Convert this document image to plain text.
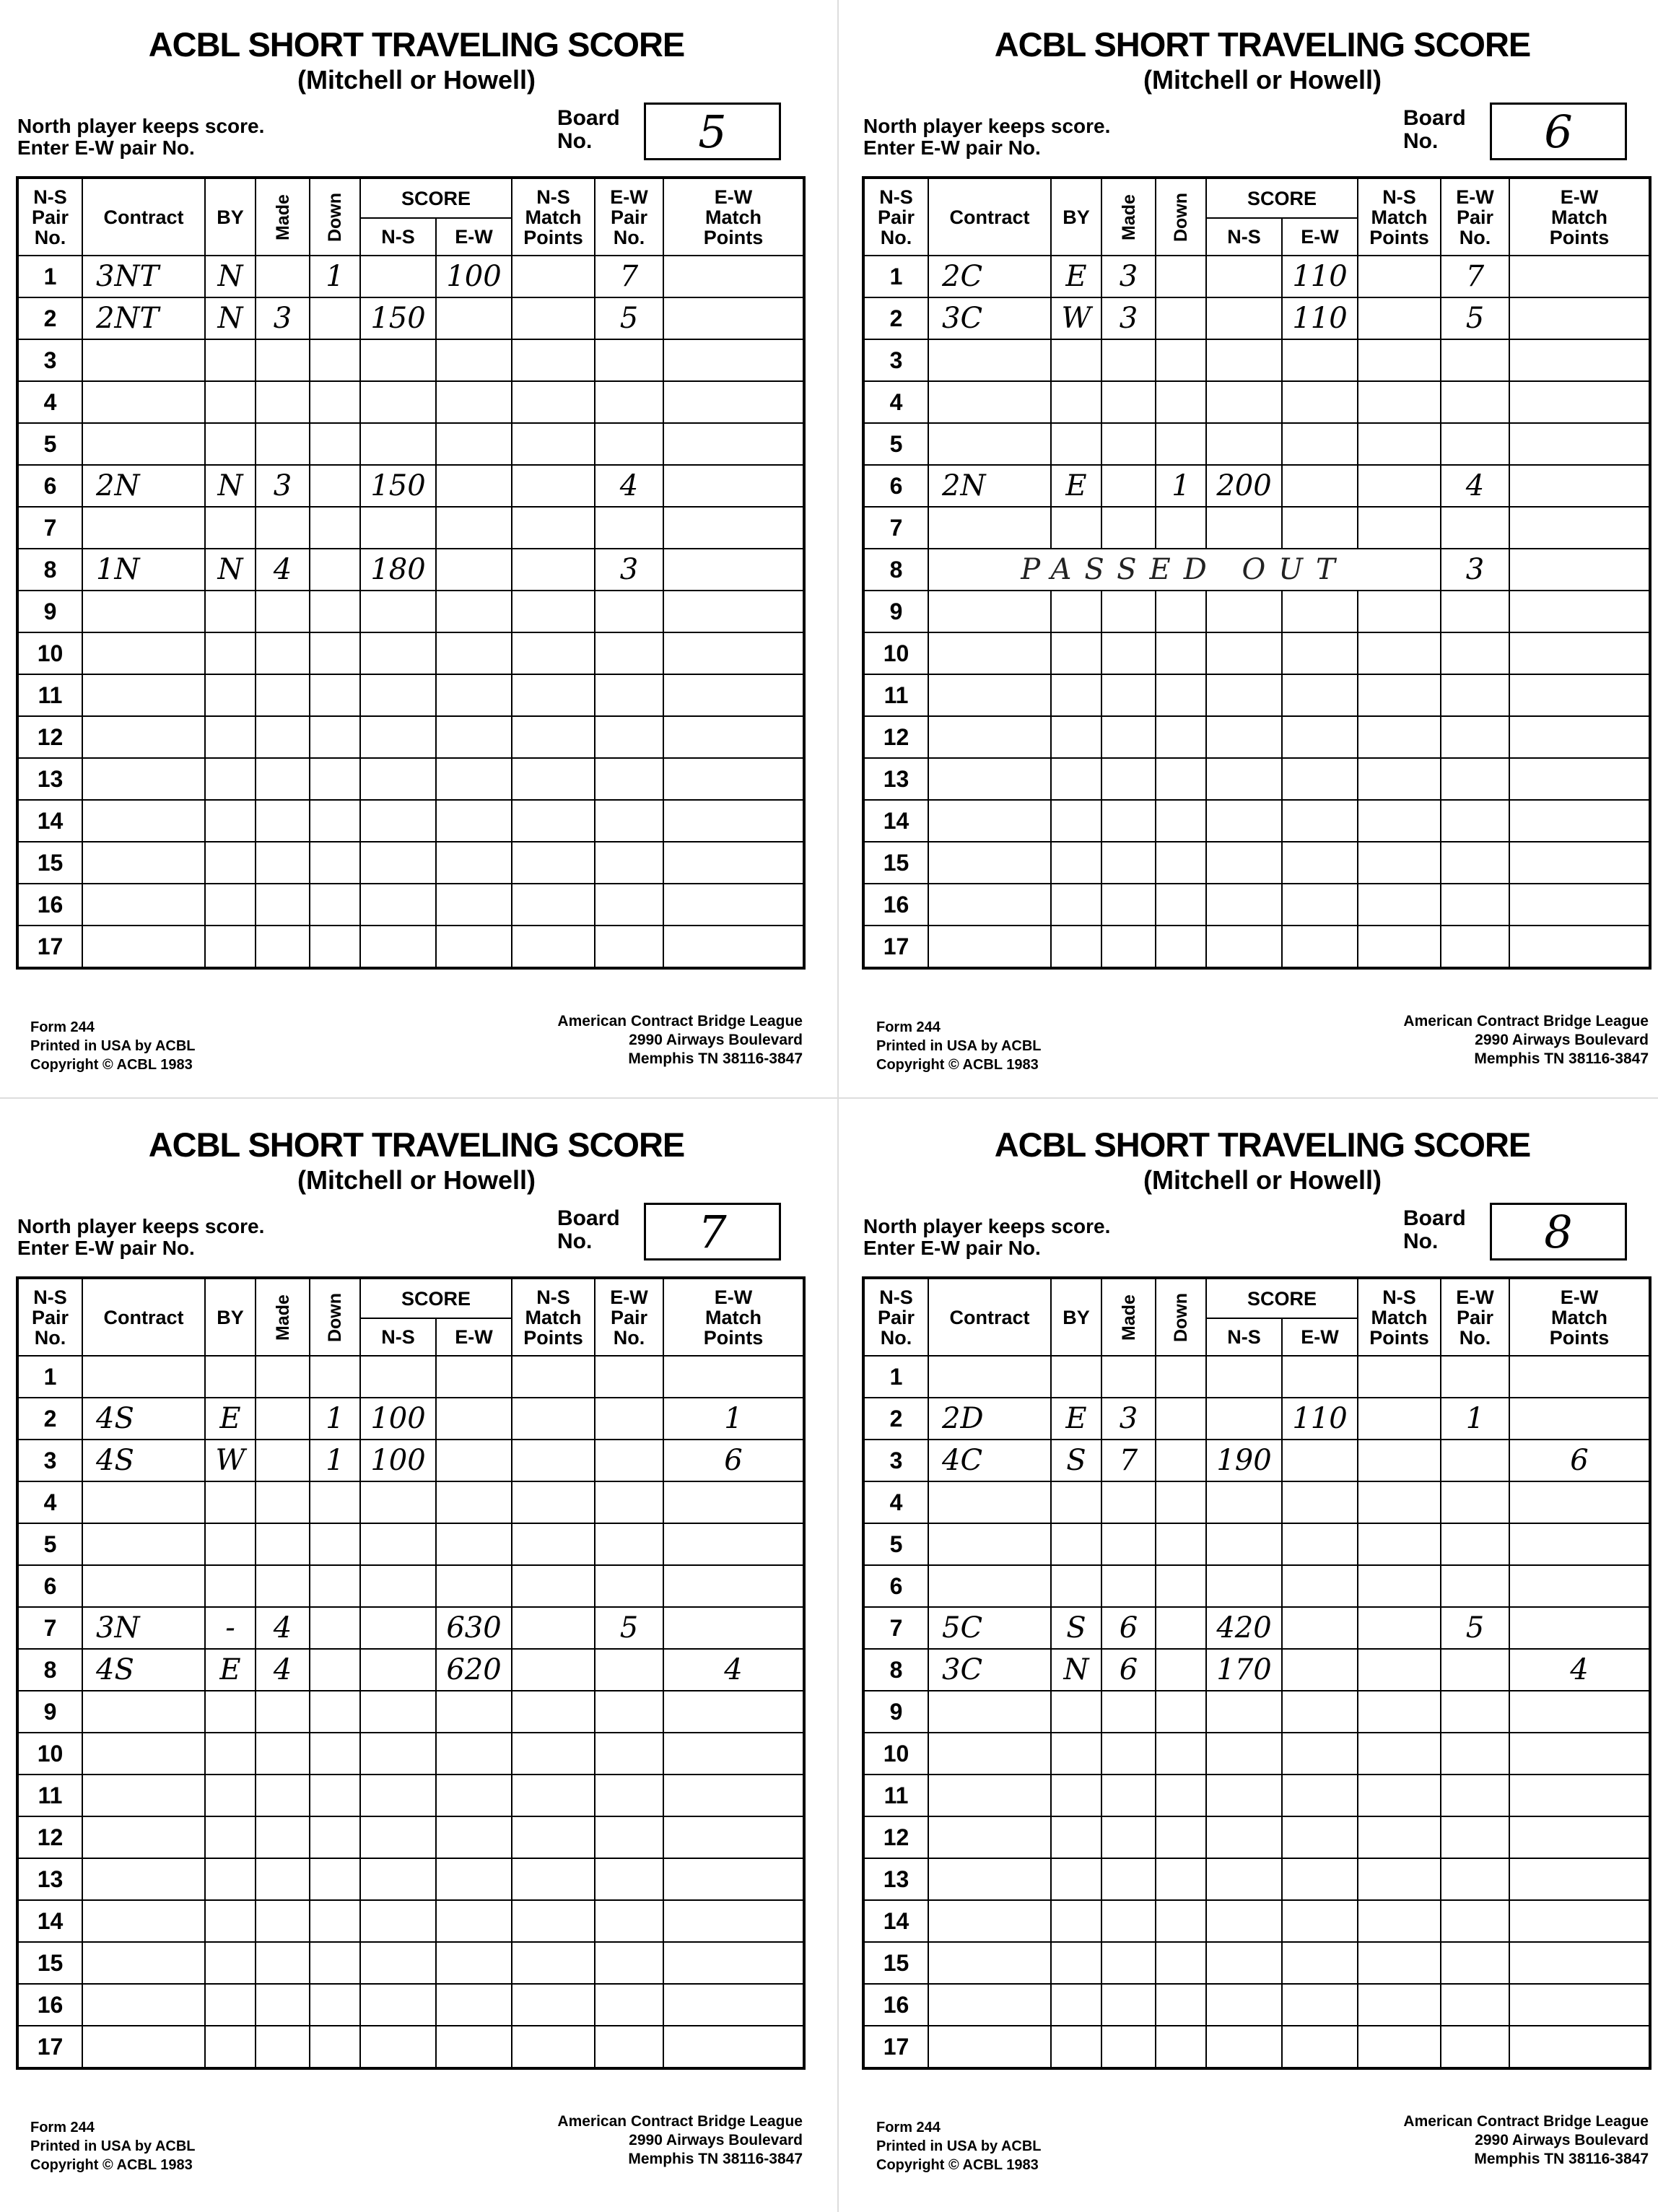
ACBL SHORT TRAVELING SCORE
(Mitchell or Howell)
North player keeps score.
Enter E-W pair No.
Board
No.	5
N-S
Pair
No.	Contract	BY	Made	Down	SCORE		N-S
Match
Points	E-W
Pair
No.	E-W
Match
Points
					N-S	E-W			
1	3NT	N		1		100		7	
2	2NT	N	3		150			5	
3									
4									
5									
6	2N	N	3		150			4	
7									
8	1N	N	4		180			3	
9									
10									
11									
12									
13									
14									
15									
16									
17									
Form 244
Printed in USA by ACBL
Copyright © ACBL 1983
American Contract Bridge League
2990 Airways Boulevard
Memphis TN 38116-3847
ACBL SHORT TRAVELING SCORE
(Mitchell or Howell)
North player keeps score.
Enter E-W pair No.
Board
No.	6
N-S
Pair
No.	Contract	BY	Made	Down	SCORE		N-S
Match
Points	E-W
Pair
No.	E-W
Match
Points
					N-S	E-W			
1	2C	E	3			110		7	
2	3C	W	3			110		5	
3									
4									
5									
6	2N	E		1	200			4	
7									
8	PASSED OUT							3	
9									
10									
11									
12									
13									
14									
15									
16									
17									
Form 244
Printed in USA by ACBL
Copyright © ACBL 1983
American Contract Bridge League
2990 Airways Boulevard
Memphis TN 38116-3847
ACBL SHORT TRAVELING SCORE
(Mitchell or Howell)
North player keeps score.
Enter E-W pair No.
Board
No.	7
N-S
Pair
No.	Contract	BY	Made	Down	SCORE		N-S
Match
Points	E-W
Pair
No.	E-W
Match
Points
					N-S	E-W			
1									
2	4S	E		1	100				1
3	4S	W		1	100				6
4									
5									
6									
7	3N	-	4			630		5	
8	4S	E	4			620			4
9									
10									
11									
12									
13									
14									
15									
16									
17									
Form 244
Printed in USA by ACBL
Copyright © ACBL 1983
American Contract Bridge League
2990 Airways Boulevard
Memphis TN 38116-3847
ACBL SHORT TRAVELING SCORE
(Mitchell or Howell)
North player keeps score.
Enter E-W pair No.
Board
No.	8
N-S
Pair
No.	Contract	BY	Made	Down	SCORE		N-S
Match
Points	E-W
Pair
No.	E-W
Match
Points
					N-S	E-W			
1									
2	2D	E	3			110		1	
3	4C	S	7		190				6
4									
5									
6									
7	5C	S	6		420			5	
8	3C	N	6		170				4
9									
10									
11									
12									
13									
14									
15									
16									
17									
Form 244
Printed in USA by ACBL
Copyright © ACBL 1983
American Contract Bridge League
2990 Airways Boulevard
Memphis TN 38116-3847
